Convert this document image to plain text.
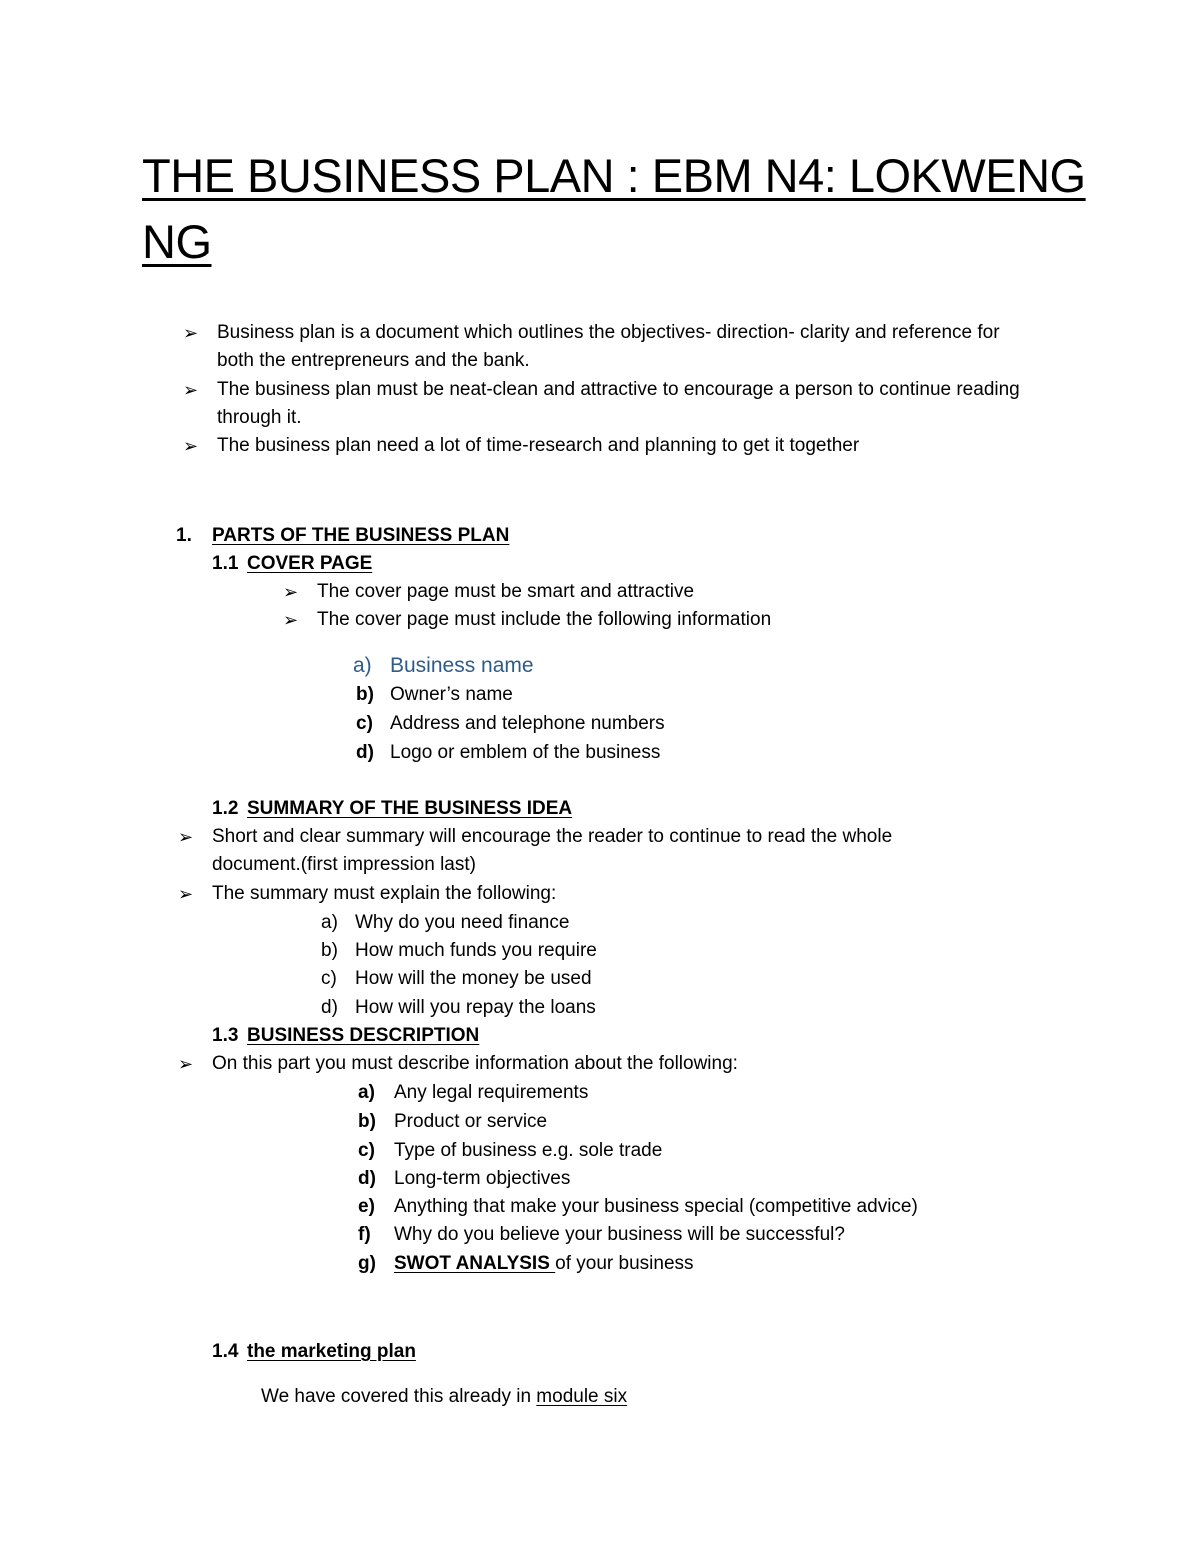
THE BUSINESS PLAN : EBM N4: LOKWENG
NG
➢ Business plan is a document which outlines the objectives- direction- clarity and reference for
both the entrepreneurs and the bank.
➢ The business plan must be neat-clean and attractive to encourage a person to continue reading
through it.
➢ The business plan need a lot of time-research and planning to get it together
1. PARTS OF THE BUSINESS PLAN
1.1 COVER PAGE
➢ The cover page must be smart and attractive
➢ The cover page must include the following information
a) Business name
b) Owner’s name
c) Address and telephone numbers
d) Logo or emblem of the business
1.2 SUMMARY OF THE BUSINESS IDEA
➢ Short and clear summary will encourage the reader to continue to read the whole
document.(first impression last)
➢ The summary must explain the following:
a) Why do you need finance
b) How much funds you require
c) How will the money be used
d) How will you repay the loans
1.3 BUSINESS DESCRIPTION
➢ On this part you must describe information about the following:
a) Any legal requirements
b) Product or service
c) Type of business e.g. sole trade
d) Long-term objectives
e) Anything that make your business special (competitive advice)
f) Why do you believe your business will be successful?
g) SWOT ANALYSIS of your business
1.4 the marketing plan
We have covered this already in module six
